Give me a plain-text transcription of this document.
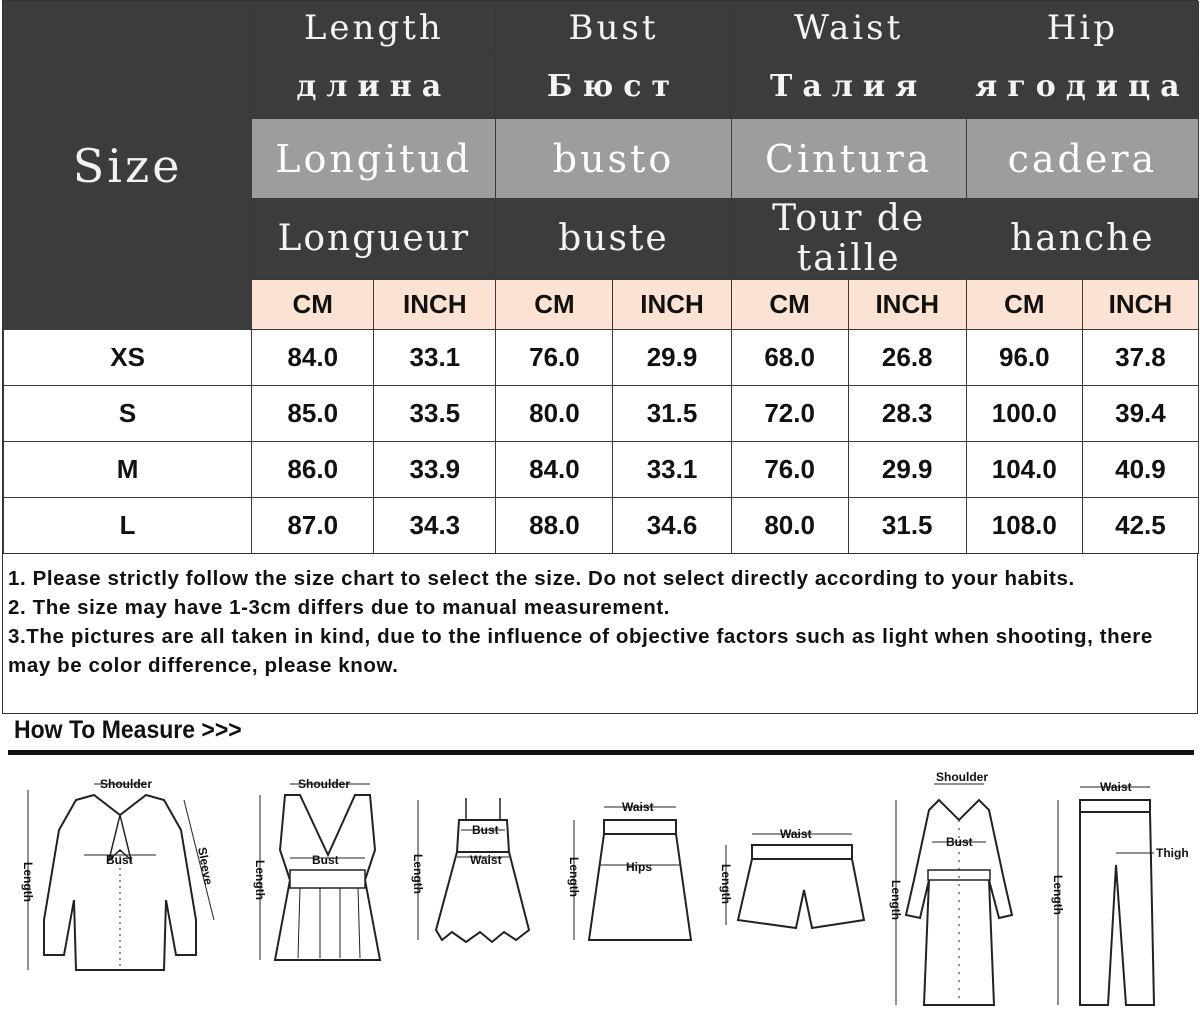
Size	Length		Bust		Waist		Hip	
	длина		Бюст		Талия		ягодица	
	Longitud		busto		Cintura		cadera	
	Longueur		buste		Tour de taille		hanche	
	CM	INCH	CM	INCH	CM	INCH	CM	INCH
XS	84.0	33.1	76.0	29.9	68.0	26.8	96.0	37.8
S	85.0	33.5	80.0	31.5	72.0	28.3	100.0	39.4
M	86.0	33.9	84.0	33.1	76.0	29.9	104.0	40.9
L	87.0	34.3	88.0	34.6	80.0	31.5	108.0	42.5

1. Please strictly follow the size chart to select the size. Do not select directly according to your habits.

2. The size may have 1-3cm differs due to manual measurement.

3.The pictures are all taken in kind, due to the influence of objective factors such as light when shooting, there may be color difference, please know.

How To Measure >>>
Shoulder
Bust
Length	Sleeve
Shoulder
Bust
Length
Bust
Waist
Length
Waist
Hips
Length
Waist
Length
Shoulder
Bust
Length
Waist
Thigh
Length
